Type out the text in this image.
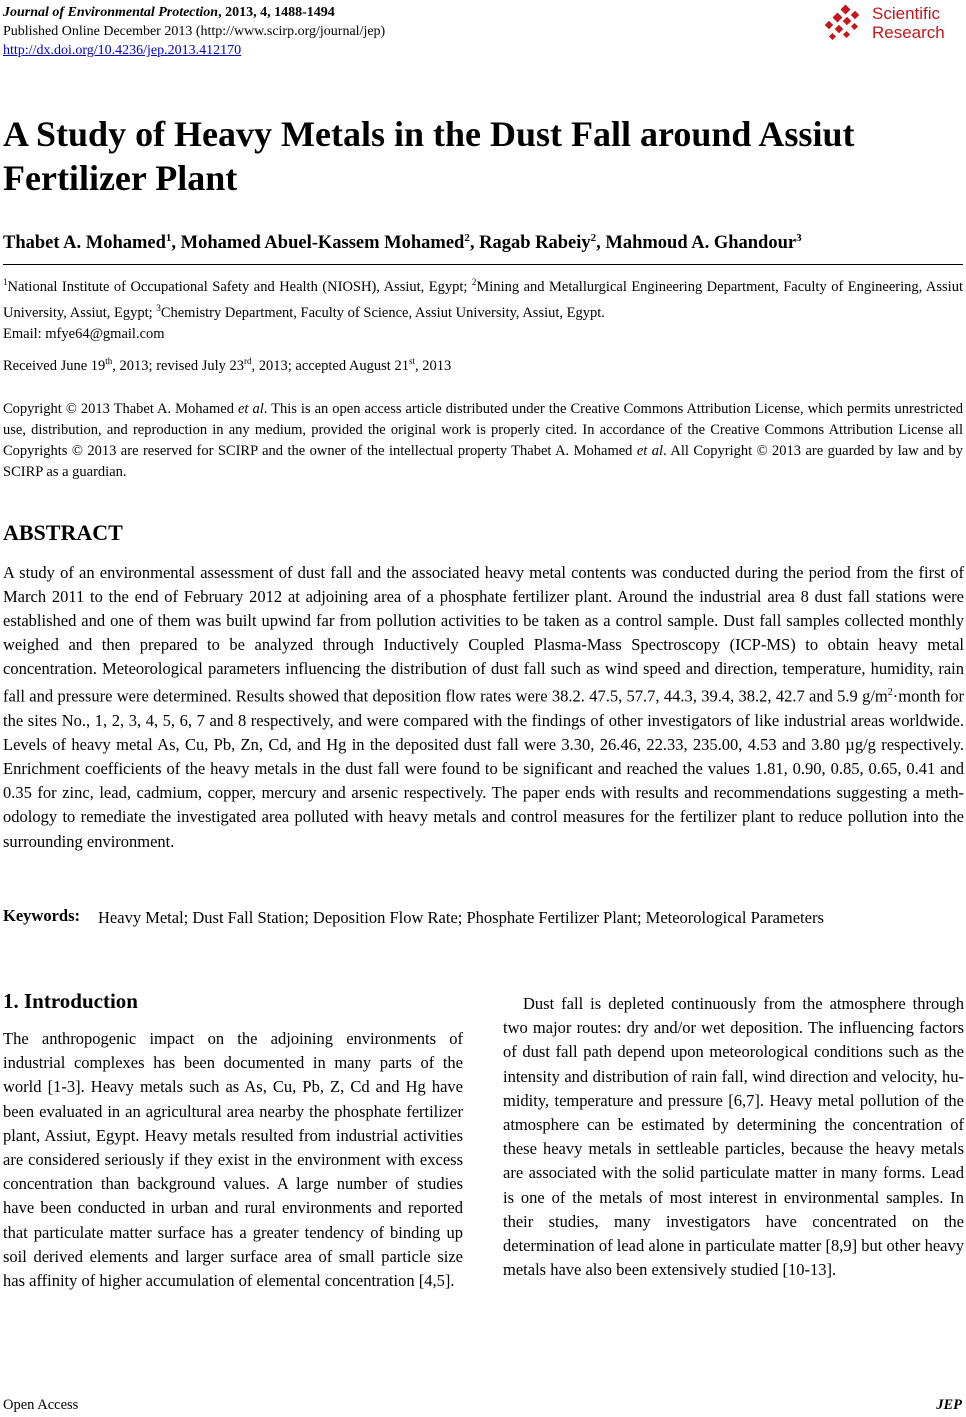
Journal of Environmental Protection, 2013, 4, 1488-1494
Published Online December 2013 (http://www.scirp.org/journal/jep)
http://dx.doi.org/10.4236/jep.2013.412170
Scientific
Research
A Study of Heavy Metals in the Dust Fall around Assiut Fertilizer Plant
Thabet A. Mohamed$^1$, Mohamed Abuel-Kassem Mohamed$^2$, Ragab Rabeiy$^2$, Mahmoud A. Ghandour$^3$
$^1$National Institute of Occupational Safety and Health (NIOSH), Assiut, Egypt; $^2$Mining and Metallurgical Engineering Department, Faculty of Engineering, Assiut University, Assiut, Egypt; $^3$Chemistry Department, Faculty of Science, Assiut University, Assiut, Egypt.
Email: mfye64@gmail.com
Received June 19th, 2013; revised July 23rd, 2013; accepted August 21st, 2013
Copyright © 2013 Thabet A. Mohamed et al. This is an open access article distributed under the Creative Commons Attribution License, which permits unrestricted use, distribution, and reproduction in any medium, provided the original work is properly cited. In accordance of the Creative Commons Attribution License all Copyrights © 2013 are reserved for SCIRP and the owner of the intellectual property Thabet A. Mohamed et al. All Copyright © 2013 are guarded by law and by SCIRP as a guardian.
ABSTRACT
A study of an environmental assessment of dust fall and the associated heavy metal contents was conducted during the period from the first of March 2011 to the end of February 2012 at adjoining area of a phosphate fertilizer plant. Around the industrial area 8 dust fall stations were established and one of them was built upwind far from pollution activities to be taken as a control sample. Dust fall samples collected monthly weighed and then prepared to be analyzed through Inductively Coupled Plasma-Mass Spectroscopy (ICP-MS) to obtain heavy metal concentration. Meteorological parameters influencing the distribution of dust fall such as wind speed and direction, temperature, humidity, rain fall and pressure were determined. Results showed that deposition flow rates were 38.2. 47.5, 57.7, 44.3, 39.4, 38.2, 42.7 and 5.9 $g/m^2\cdot month$ for the sites No., 1, 2, 3, 4, 5, 6, 7 and 8 respectively, and were compared with the findings of other investigators of like industrial areas worldwide. Levels of heavy metal As, Cu, Pb, Zn, Cd, and Hg in the deposited dust fall were 3.30, 26.46, 22.33, 235.00, 4.53 and 3.80 µg/g respectively. Enrichment coefficients of the heavy metals in the dust fall were found to be significant and reached the values 1.81, 0.90, 0.85, 0.65, 0.41 and 0.35 for zinc, lead, cadmium, copper, mercury and arsenic respectively. The paper ends with results and recommendations suggesting a methodology to remediate the investigated area polluted with heavy metals and control measures for the fertilizer plant to reduce pollution into the surrounding environment.
Keywords: Heavy Metal; Dust Fall Station; Deposition Flow Rate; Phosphate Fertilizer Plant; Meteorological Parameters
1. Introduction

The anthropogenic impact on the adjoining environments of industrial complexes has been documented in many parts of the world [1-3]. Heavy metals such as As, Cu, Pb, Z, Cd and Hg have been evaluated in an agricultural area nearby the phosphate fertilizer plant, Assiut, Egypt. Heavy metals resulted from industrial activities are considered seriously if they exist in the environment with excess concentration than background values. A large number of studies have been conducted in urban and rural environments and reported that particulate matter surface has a greater tendency of binding up soil derived elements and larger surface area of small particle size has affinity of higher accumulation of elemental concentration [4,5].

Dust fall is depleted continuously from the atmosphere through two major routes: dry and/or wet deposition. The influencing factors of dust fall path depend upon meteorological conditions such as the intensity and distribution of rain fall, wind direction and velocity, humidity, temperature and pressure [6,7]. Heavy metal pollution of the atmosphere can be estimated by determining the concentration of these heavy metals in settleable particles, because the heavy metals are associated with the solid particulate matter in many forms. Lead is one of the metals of most interest in environmental samples. In their studies, many investigators have concentrated on the determination of lead alone in particulate matter [8,9] but other heavy metals have also been extensively studied [10-13].

Open Access	JEP
